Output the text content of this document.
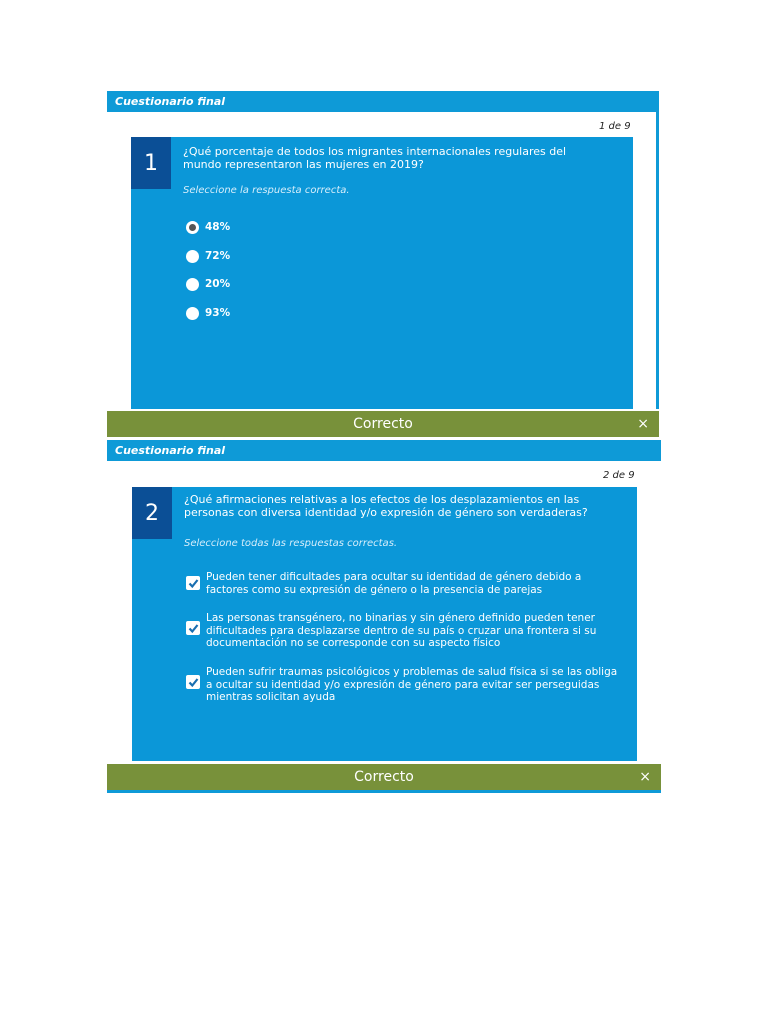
Cuestionario final
1 de 9
1	¿Qué porcentaje de todos los migrantes internacionales regulares del mundo representaron las mujeres en 2019?
Seleccione la respuesta correcta.
48%
72%
20%
93%
Correcto	×
Cuestionario final
2 de 9
2
¿Qué afirmaciones relativas a los efectos de los desplazamientos en las personas con diversa identidad y/o expresión de género son verdaderas?
Seleccione todas las respuestas correctas.
Pueden tener dificultades para ocultar su identidad de género debido a factores como su expresión de género o la presencia de parejas
Las personas transgénero, no binarias y sin género definido pueden tener dificultades para desplazarse dentro de su país o cruzar una frontera si su documentación no se corresponde con su aspecto físico
Pueden sufrir traumas psicológicos y problemas de salud física si se las obliga a ocultar su identidad y/o expresión de género para evitar ser perseguidas mientras solicitan ayuda
Correcto	×
